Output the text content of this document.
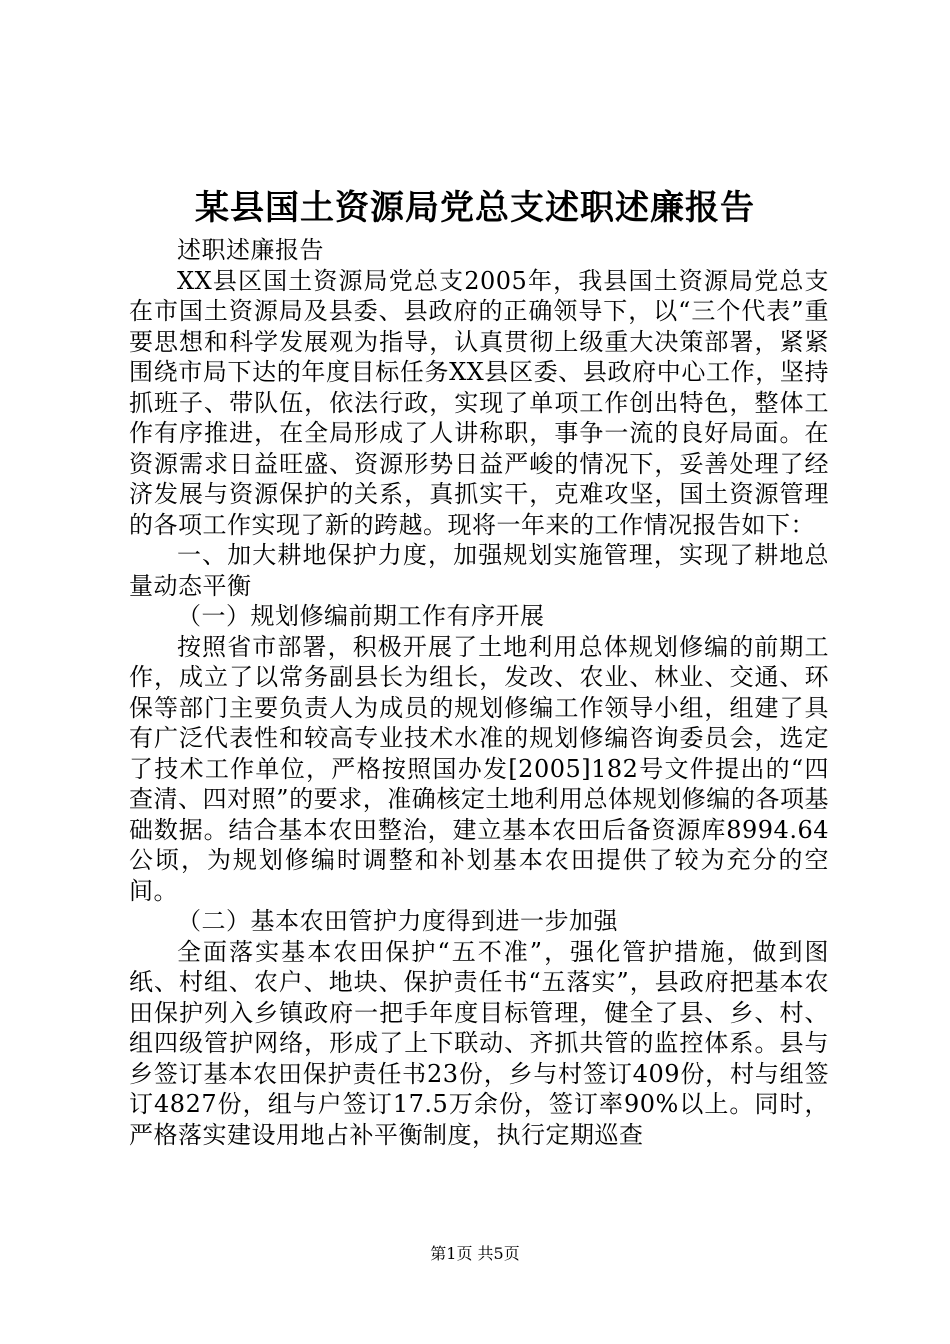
某县国土资源局党总支述职述廉报告

述职述廉报告

XX县区国土资源局党总支2005年，我县国土资源局党总支在市国土资源局及县委、县政府的正确领导下，以“三个代表”重要思想和科学发展观为指导，认真贯彻上级重大决策部署，紧紧围绕市局下达的年度目标任务XX县区委、县政府中心工作，坚持抓班子、带队伍，依法行政，实现了单项工作创出特色，整体工作有序推进，在全局形成了人讲称职，事争一流的良好局面。在资源需求日益旺盛、资源形势日益严峻的情况下，妥善处理了经济发展与资源保护的关系，真抓实干，克难攻坚，国土资源管理的各项工作实现了新的跨越。现将一年来的工作情况报告如下：

一、加大耕地保护力度，加强规划实施管理，实现了耕地总量动态平衡

（一）规划修编前期工作有序开展

按照省市部署，积极开展了土地利用总体规划修编的前期工作，成立了以常务副县长为组长，发改、农业、林业、交通、环保等部门主要负责人为成员的规划修编工作领导小组，组建了具有广泛代表性和较高专业技术水准的规划修编咨询委员会，选定了技术工作单位，严格按照国办发[2005]182号文件提出的“四查清、四对照”的要求，准确核定土地利用总体规划修编的各项基础数据。结合基本农田整治，建立基本农田后备资源库8994.64公顷，为规划修编时调整和补划基本农田提供了较为充分的空间。

（二）基本农田管护力度得到进一步加强

全面落实基本农田保护“五不准”，强化管护措施，做到图纸、村组、农户、地块、保护责任书“五落实”，县政府把基本农田保护列入乡镇政府一把手年度目标管理，健全了县、乡、村、组四级管护网络，形成了上下联动、齐抓共管的监控体系。县与乡签订基本农田保护责任书23份，乡与村签订409份，村与组签订4827份，组与户签订17.5万余份，签订率90%以上。同时，严格落实建设用地占补平衡制度，执行定期巡查

第1页 共5页
